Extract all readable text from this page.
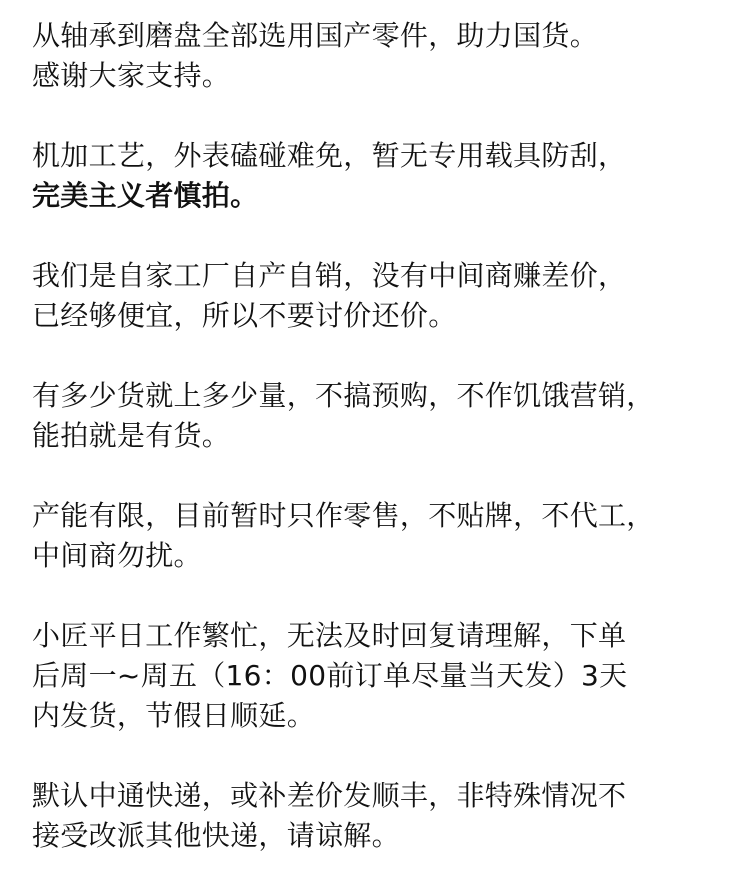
从轴承到磨盘全部选用国产零件，助力国货。
感谢大家支持。
机加工艺，外表磕碰难免，暂无专用载具防刮，
完美主义者慎拍。
我们是自家工厂自产自销，没有中间商赚差价，
已经够便宜，所以不要讨价还价。
有多少货就上多少量，不搞预购，不作饥饿营销，
能拍就是有货。
产能有限，目前暂时只作零售，不贴牌，不代工，
中间商勿扰。
小匠平日工作繁忙，无法及时回复请理解，下单
后周一~周五（16：00前订单尽量当天发）3天
内发货，节假日顺延。
默认中通快递，或补差价发顺丰，非特殊情况不
接受改派其他快递，请谅解。
